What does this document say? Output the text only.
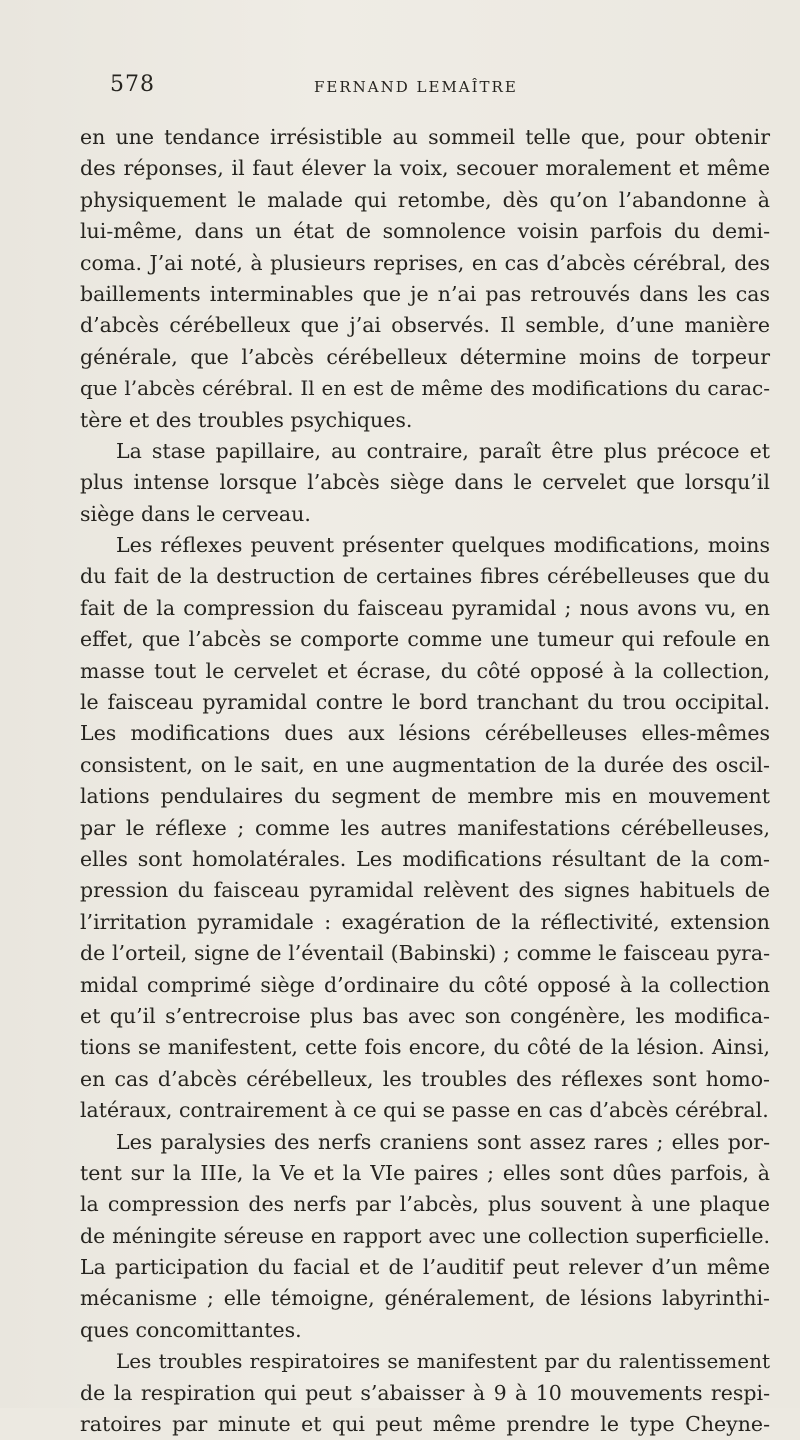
578	FERNAND LEMAÎTRE
en une tendance irrésistible au sommeil telle que, pour obtenir
des réponses, il faut élever la voix, secouer moralement et même
physiquement le malade qui retombe, dès qu’on l’abandonne à
lui-même, dans un état de somnolence voisin parfois du demi-
coma. J’ai noté, à plusieurs reprises, en cas d’abcès cérébral, des
baillements interminables que je n’ai pas retrouvés dans les cas
d’abcès cérébelleux que j’ai observés. Il semble, d’une manière
générale, que l’abcès cérébelleux détermine moins de torpeur
que l’abcès cérébral. Il en est de même des modifications du carac-
tère et des troubles psychiques.
La stase papillaire, au contraire, paraît être plus précoce et
plus intense lorsque l’abcès siège dans le cervelet que lorsqu’il
siège dans le cerveau.
Les réflexes peuvent présenter quelques modifications, moins
du fait de la destruction de certaines fibres cérébelleuses que du
fait de la compression du faisceau pyramidal ; nous avons vu, en
effet, que l’abcès se comporte comme une tumeur qui refoule en
masse tout le cervelet et écrase, du côté opposé à la collection,
le faisceau pyramidal contre le bord tranchant du trou occipital.
Les modifications dues aux lésions cérébelleuses elles-mêmes
consistent, on le sait, en une augmentation de la durée des oscil-
lations pendulaires du segment de membre mis en mouvement
par le réflexe ; comme les autres manifestations cérébelleuses,
elles sont homolatérales. Les modifications résultant de la com-
pression du faisceau pyramidal relèvent des signes habituels de
l’irritation pyramidale : exagération de la réflectivité, extension
de l’orteil, signe de l’éventail (Babinski) ; comme le faisceau pyra-
midal comprimé siège d’ordinaire du côté opposé à la collection
et qu’il s’entrecroise plus bas avec son congénère, les modifica-
tions se manifestent, cette fois encore, du côté de la lésion. Ainsi,
en cas d’abcès cérébelleux, les troubles des réflexes sont homo-
latéraux, contrairement à ce qui se passe en cas d’abcès cérébral.
Les paralysies des nerfs craniens sont assez rares ; elles por-
tent sur la IIIe, la Ve et la VIe paires ; elles sont dûes parfois, à
la compression des nerfs par l’abcès, plus souvent à une plaque
de méningite séreuse en rapport avec une collection superficielle.
La participation du facial et de l’auditif peut relever d’un même
mécanisme ; elle témoigne, généralement, de lésions labyrinthi-
ques concomittantes.
Les troubles respiratoires se manifestent par du ralentissement
de la respiration qui peut s’abaisser à 9 à 10 mouvements respi-
ratoires par minute et qui peut même prendre le type Cheyne-
